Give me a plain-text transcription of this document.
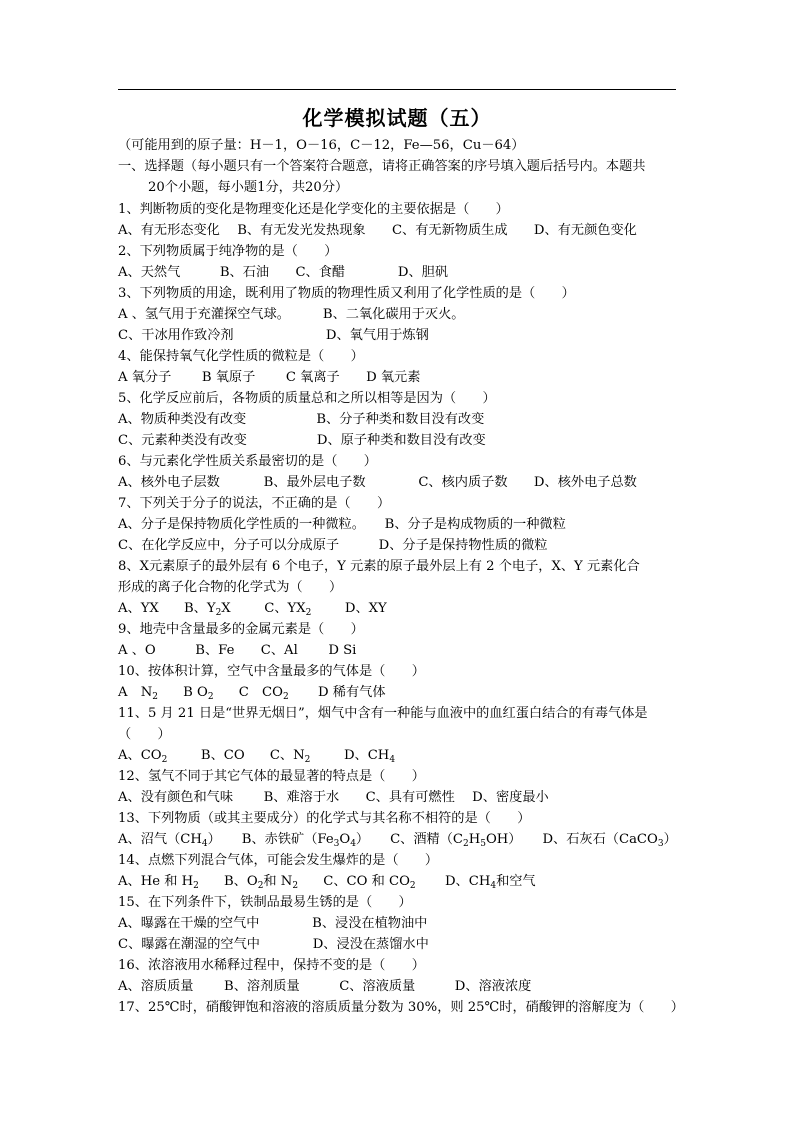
化学模拟试题（五）
（可能用到的原子量：H－1，O－16，C－12，Fe—56，Cu－64）
一、选择题（每小题只有一个答案符合题意，请将正确答案的序号填入题后括号内。本题共
20个小题，每小题1分，共20分）
1、判断物质的变化是物理变化还是化学变化的主要依据是（　　）
A、有无形态变化　 B、有无发光发热现象　　C、有无新物质生成　　D、有无颜色变化
2、下列物质属于纯净物的是（　　）
A、天然气　　　B、石油　　C、食醋　　　　D、胆矾
3、下列物质的用途，既利用了物质的物理性质又利用了化学性质的是（　　）
A 、氢气用于充灌探空气球。　　　B、二氧化碳用于灭火。
C、干冰用作致冷剂　　　　　　　D、氧气用于炼钢
4、能保持氧气化学性质的微粒是（　　）
A 氧分子　　 B 氧原子　　 C 氧离子　　D 氧元素
5、化学反应前后，各物质的质量总和之所以相等是因为（　　）
A、物质种类没有改变　　　　　 B、分子种类和数目没有改变
C、元素种类没有改变　　　　　 D、原子种类和数目没有改变
6、与元素化学性质关系最密切的是（　　）
A、核外电子层数　　　 B、最外层电子数　　　　C、核内质子数　　D、核外电子总数
7、下列关于分子的说法，不正确的是（　　）
A、分子是保持物质化学性质的一种微粒。　　B、分子是构成物质的一种微粒
C、在化学反应中，分子可以分成原子　　　D、分子是保持物性质的微粒
8、X元素原子的最外层有 6 个电子，Y 元素的原子最外层上有 2 个电子，X、Y 元素化合
形成的离子化合物的化学式为（　　）
A、YX B、$Y_2X$	C、$YX_2$	D、XY
9、地壳中含量最多的金属元素是（　　）
A 、O　　　B、Fe　　C、Al　　 D Si
10、按体积计算，空气中含量最多的气体是（　　）
A　$N_2$ B $O_2$ C　$CO_2$ D 稀有气体
11、5 月 21 日是“世界无烟日”，烟气中含有一种能与血液中的血红蛋白结合的有毒气体是
（　　）
A、$CO_2$	B、CO C、$N_2$	D、$CH_4$
12、氢气不同于其它气体的最显著的特点是（　　）
A、没有颜色和气味　　 B、难溶于水　　C、具有可燃性　 D、密度最小
13、下列物质（或其主要成分）的化学式与其名称不相符的是（　　）
A、沼气$(CH_4)$ B、赤铁矿$(Fe_3O_4)$ C、酒精$(C_2H_5OH)$ D、石灰石（CaCO$_3$）
14、点燃下列混合气体，可能会发生爆炸的是（　　）
A、He 和 $H_2$ B、$O_2$和 $N_2$ C、CO 和 $CO_2$ D、$CH_4$和空气
15、在下列条件下，铁制品最易生锈的是（　　）
A、曝露在干燥的空气中　　　　B、浸没在植物油中
C、曝露在潮湿的空气中　　　　D、浸没在蒸馏水中
16、浓溶液用水稀释过程中，保持不变的是（　　）
A、溶质质量　　 B、溶剂质量　　　C、溶液质量　　　D、溶液浓度
17、25℃时，硝酸钾饱和溶液的溶质质量分数为 30%，则 25℃时，硝酸钾的溶解度为（　　）
